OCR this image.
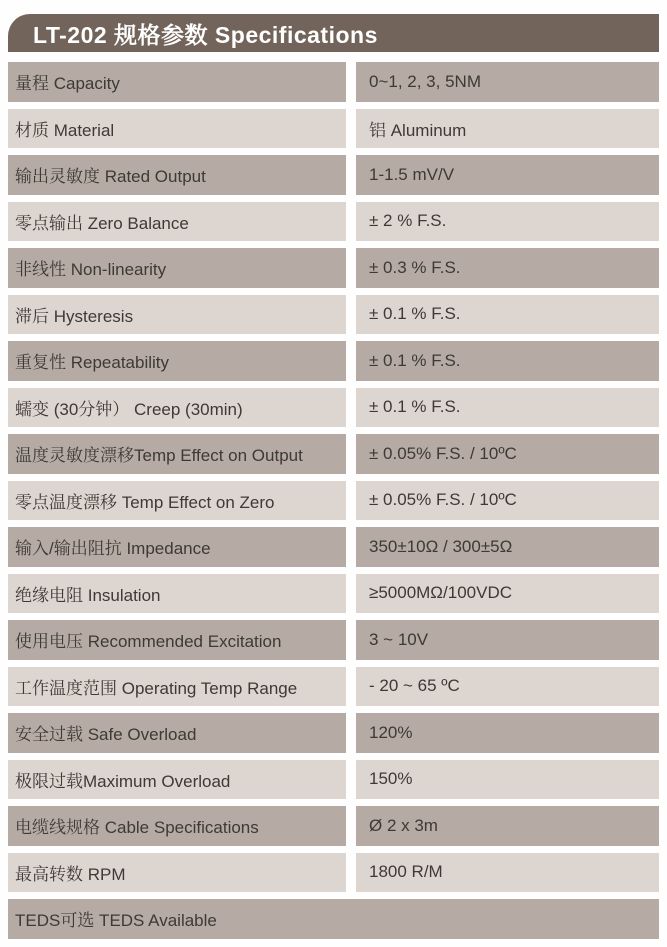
LT-202 规格参数 Specifications
量程 Capacity	0~1, 2, 3, 5NM
材质 Material	铝 Aluminum
输出灵敏度 Rated Output	1-1.5 mV/V
零点输出 Zero Balance	± 2 % F.S.
非线性 Non-linearity	± 0.3 % F.S.
滞后 Hysteresis	± 0.1 % F.S.
重复性 Repeatability	± 0.1 % F.S.
蠕变 (30分钟） Creep (30min)	± 0.1 % F.S.
温度灵敏度漂移Temp Effect on Output	± 0.05% F.S. / 10ºC
零点温度漂移 Temp Effect on Zero	± 0.05% F.S. / 10ºC
输入/输出阻抗 Impedance	350±10Ω / 300±5Ω
绝缘电阻 Insulation	≥5000MΩ/100VDC
使用电压 Recommended Excitation	3 ~ 10V
工作温度范围 Operating Temp Range	- 20 ~ 65 ºC
安全过载 Safe Overload	120%
极限过载Maximum Overload	150%
电缆线规格 Cable Specifications	Ø 2 x 3m
最高转数 RPM	1800 R/M
TEDS可选 TEDS Available
